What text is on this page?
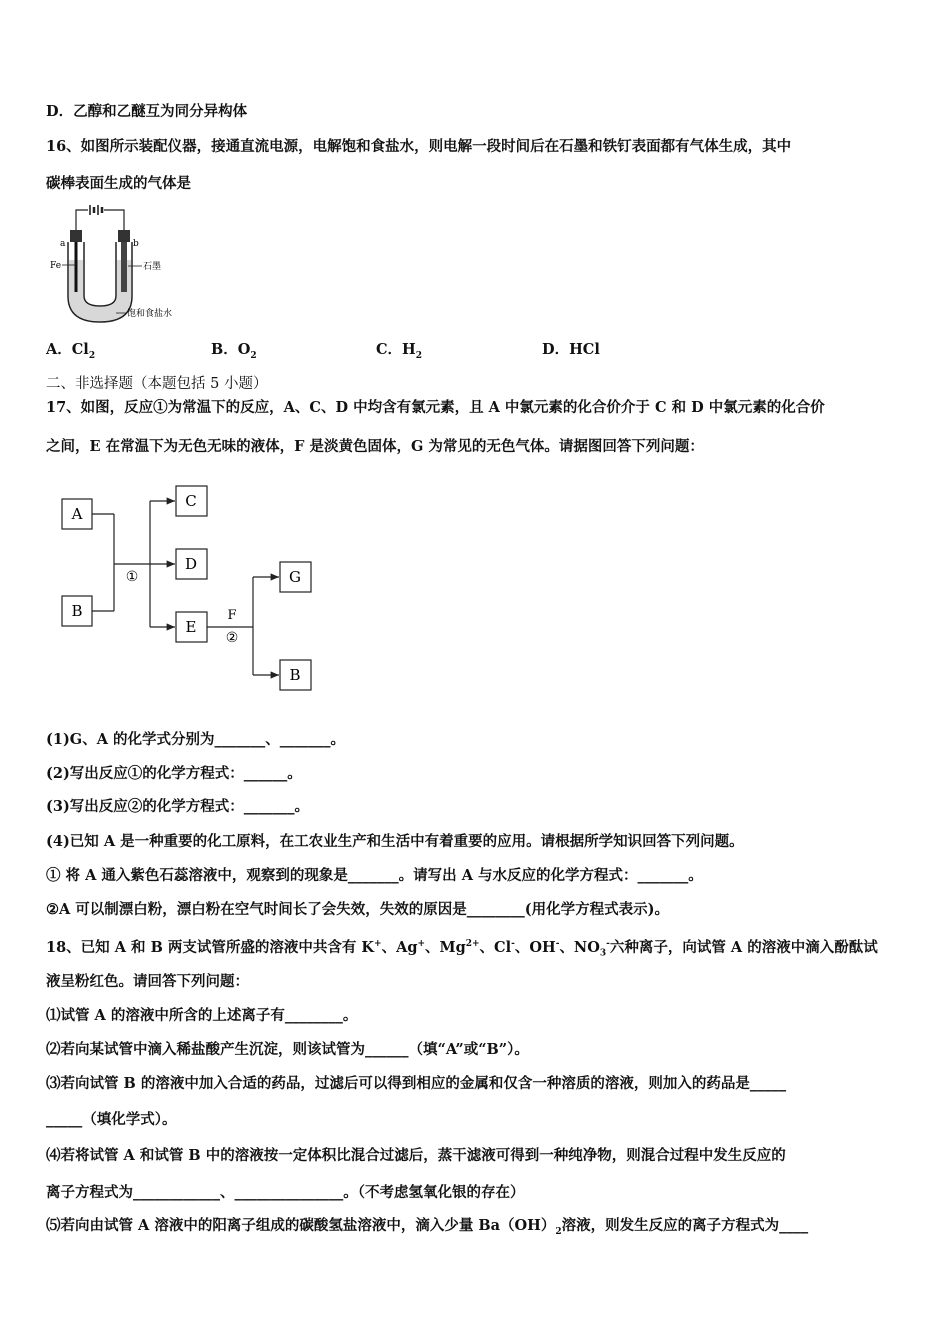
D．乙醇和乙醚互为同分异构体
16、如图所示装配仪器，接通直流电源，电解饱和食盐水，则电解一段时间后在石墨和铁钉表面都有气体生成，其中
碳棒表面生成的气体是
a	b
Fe	石墨
饱和食盐水
A．$Cl_2$	B．$O_2$	C．$H_2$	D．HCl
二、非选择题（本题包括 5 小题）
17、如图，反应①为常温下的反应，A、C、D 中均含有氯元素，且 A 中氯元素的化合价介于 C 和 D 中氯元素的化合价
之间，E 在常温下为无色无味的液体，F 是淡黄色固体，G 为常见的无色气体。请据图回答下列问题：
A
B
C
D
E
G
B
①
F
②
(1)G、A 的化学式分别为_______、_______。
(2)写出反应①的化学方程式：______。
(3)写出反应②的化学方程式：_______。
(4)已知 A 是一种重要的化工原料，在工农业生产和生活中有着重要的应用。请根据所学知识回答下列问题。
① 将 A 通入紫色石蕊溶液中，观察到的现象是_______。请写出 A 与水反应的化学方程式：_______。
②A 可以制漂白粉，漂白粉在空气时间长了会失效，失效的原因是________(用化学方程式表示)。
18、已知 A 和 B 两支试管所盛的溶液中共含有 K+、Ag+、$Mg^{2+}$、Cl-、OH-、$NO_3^-$六种离子，向试管 A 的溶液中滴入酚酞试
液呈粉红色。请回答下列问题：
⑴试管 A 的溶液中所含的上述离子有________。
⑵若向某试管中滴入稀盐酸产生沉淀，则该试管为______（填“A”或“B”）。
⑶若向试管 B 的溶液中加入合适的药品，过滤后可以得到相应的金属和仅含一种溶质的溶液，则加入的药品是_____
_____（填化学式）。
⑷若将试管 A 和试管 B 中的溶液按一定体积比混合过滤后，蒸干滤液可得到一种纯净物，则混合过程中发生反应的
离子方程式为____________、_______________。（不考虑氢氧化银的存在）
⑸若向由试管 A 溶液中的阳离子组成的碳酸氢盐溶液中，滴入少量 $Ba(OH)_2$溶液，则发生反应的离子方程式为____
